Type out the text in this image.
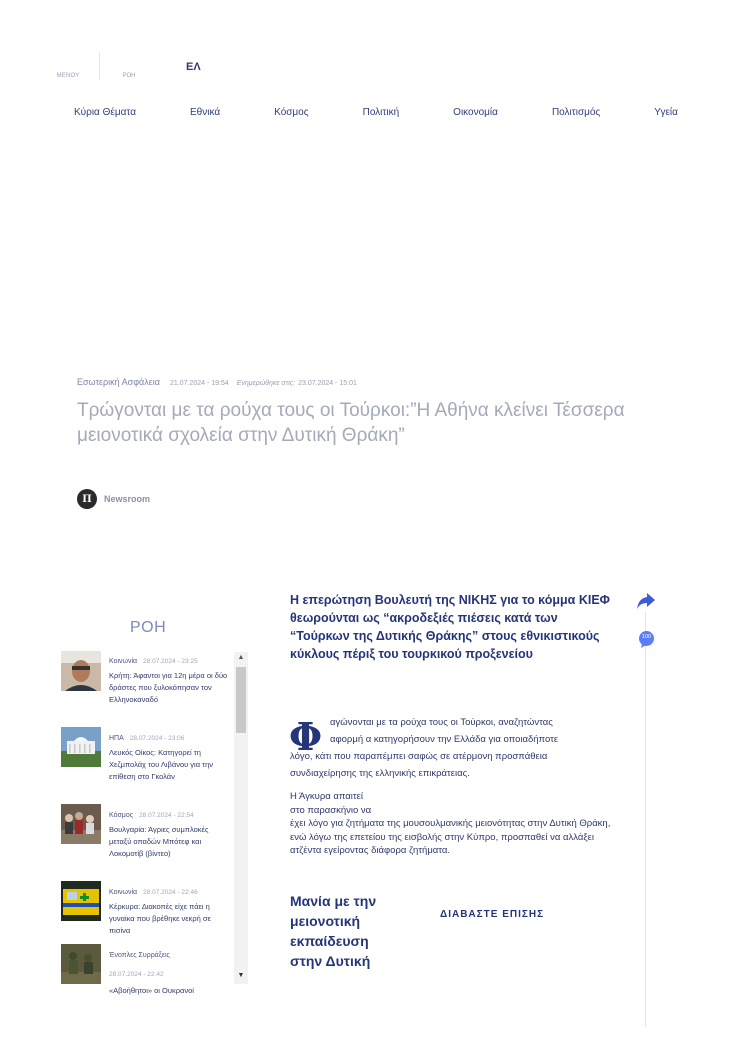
ΜΕΝΟΥ	ΡΟΗ
ΕΛ
Κύρια Θέματα	Εθνικά	Κόσμος	Πολιτική	Οικονομία	Πολιτισμός	Υγεία
Εσωτερική Ασφάλεια 21.07.2024 - 19:54 Ενημερώθηκε στις: 23.07.2024 - 15:01
Τρώγονται με τα ρούχα τους οι Τούρκοι:”Η Αθήνα κλείνει Τέσσερα μειονοτικά σχολεία στην Δυτική Θράκη”
Π Newsroom
ΡΟΗ
Κοινωνία 28.07.2024 - 23:25
Κρήτη: Άφαντοι για 12η μέρα οι δύο δράστες που ξυλοκόπησαν τον Ελληνοκαναδό
ΗΠΑ 28.07.2024 - 23:06
Λευκός Οίκος: Κατηγορεί τη Χεζμπολάχ του Λιβάνου για την επίθεση στο Γκολάν
Κόσμος 28.07.2024 - 22:54
Βουλγαρία: Άγριες συμπλοκές μεταξύ οπαδών Μπότεφ και Λοκομοτίβ (βίντεο)
Κοινωνία 28.07.2024 - 22:46
Κέρκυρα: Διακοπές είχε πάει η γυναίκα που βρέθηκε νεκρή σε πισίνα
Ένοπλες Συρράξεις
28.07.2024 - 22:42
«Αβοήθητοι» οι Ουκρανοί
▲
▼

Η επερώτηση Βουλευτή της ΝΙΚΗΣ για το κόμμα ΚΙΕΦ θεωρούνται ως “ακροδεξιές πιέσεις κατά των “Τούρκων της Δυτικής Θράκης” στους εθνικιστικούς κύκλους πέριξ του τουρκικού προξενείου

Φ αγώνονται με τα ρούχα τους οι Τούρκοι, αναζητώντας
αφορμή α κατηγορήσουν την Ελλάδα για οποιαδήποτε
λόγο, κάτι που παραπέμπει σαφώς σε ατέρμονη προσπάθεια συνδιαχείρησης της ελληνικής επικράτειας.

Η Άγκυρα απαιτεί
στο παρασκήνιο να
έχει λόγο για ζητήματα της μουσουλμανικής μειονότητας στην Δυτική Θράκη, ενώ λόγω της επετείου της εισβολής στην Κύπρο, προσπαθεί να αλλάξει ατζέντα εγείροντας διάφορα ζητήματα.

Μανία με την μειονοτική εκπαίδευση στην Δυτική
ΔΙΑΒΑΣΤΕ ΕΠΙΣΗΣ
100
